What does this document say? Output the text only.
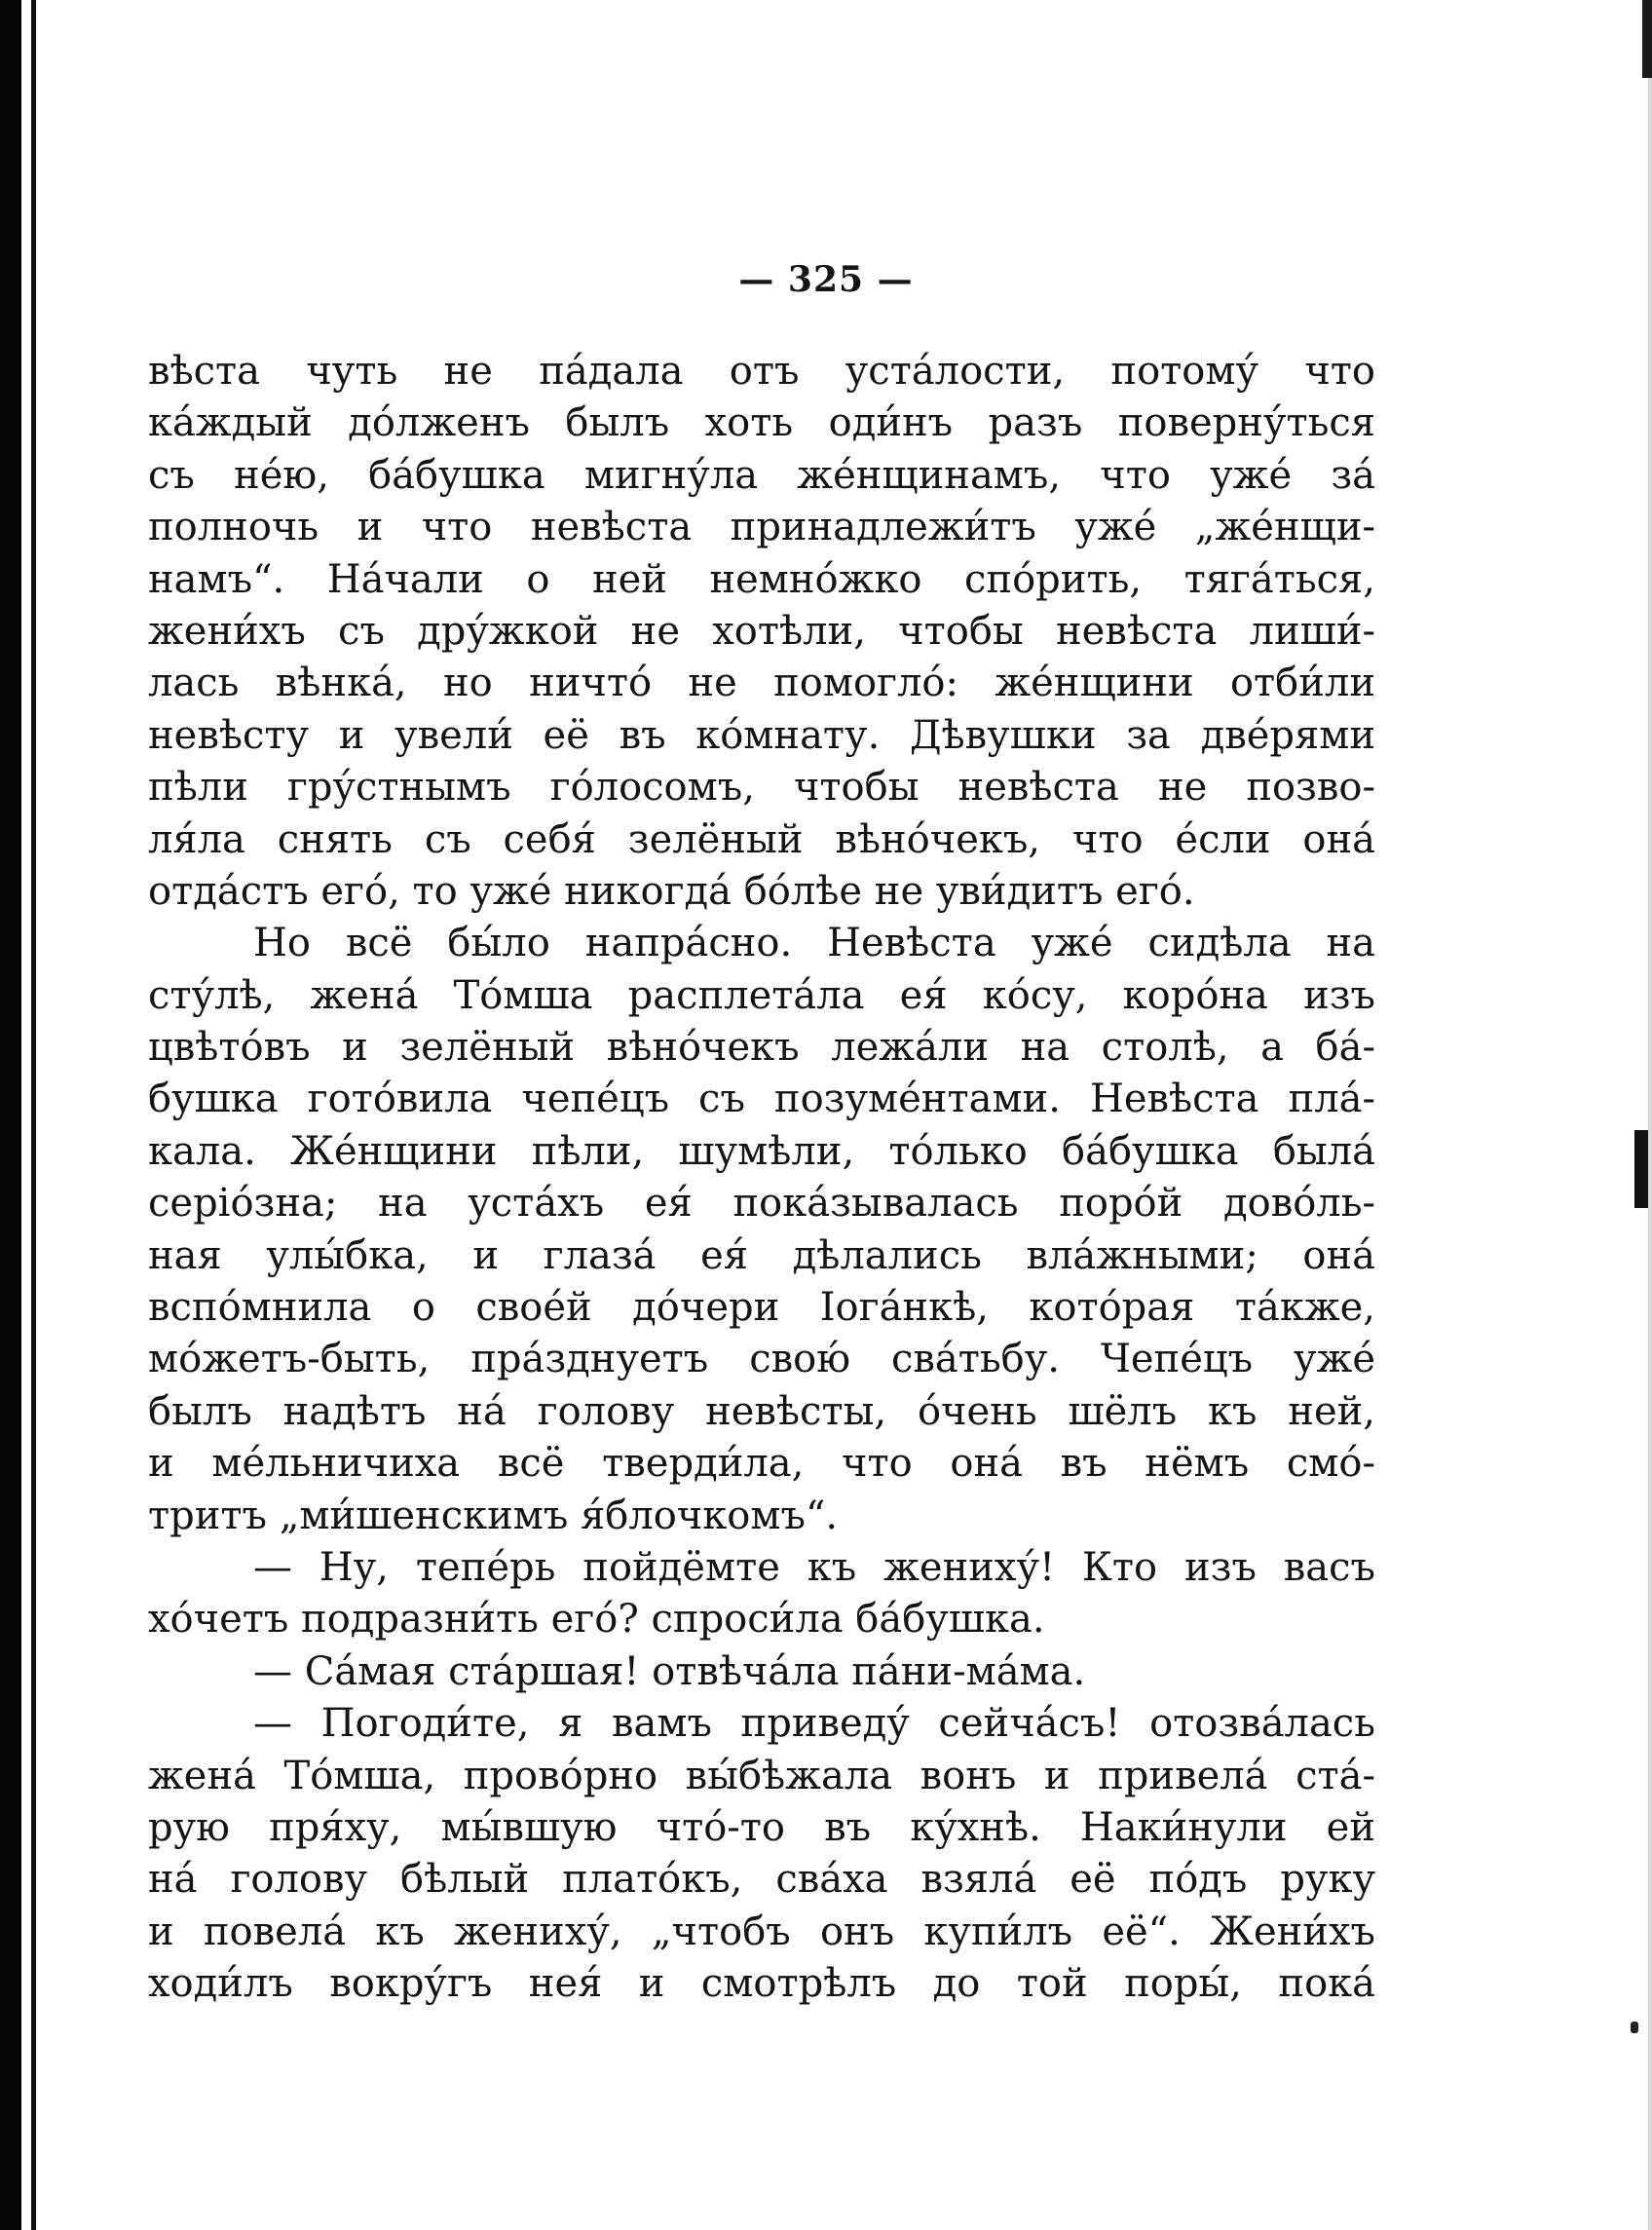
— 325 —
вѣста чуть не па́дала отъ уста́лости, потому́ что
ка́ждый до́лженъ былъ хоть оди́нъ разъ поверну́ться
съ не́ю, ба́бушка мигну́ла же́нщинамъ, что уже́ за́
полночь и что невѣста принадлежи́тъ уже́ „же́нщи-
намъ“. На́чали о ней немно́жко спо́рить, тяга́ться,
жени́хъ съ дру́жкой не хотѣли, чтобы невѣста лиши́-
лась вѣнка́, но ничто́ не помогло́: же́нщини отби́ли
невѣсту и увели́ её въ ко́мнату. Дѣвушки за две́рями
пѣли гру́стнымъ го́лосомъ, чтобы невѣста не позво-
ля́ла снять съ себя́ зелёный вѣно́чекъ, что е́сли она́
отда́стъ его́, то уже́ никогда́ бо́лѣе не уви́дитъ его́.
Но всё бы́ло напра́сно. Невѣста уже́ сидѣла на
сту́лѣ, жена́ То́мша расплета́ла ея́ ко́су, коро́на изъ
цвѣто́въ и зелёный вѣно́чекъ лежа́ли на столѣ, а ба́-
бушка гото́вила чепе́цъ съ позуме́нтами. Невѣста пла́-
кала. Же́нщини пѣли, шумѣли, то́лько ба́бушка была́
серіо́зна; на уста́хъ ея́ пока́зывалась поро́й дово́ль-
ная улы́бка, и глаза́ ея́ дѣлались вла́жными; она́
вспо́мнила о свое́й до́чери Іога́нкѣ, кото́рая та́кже,
мо́жетъ-быть, пра́зднуетъ свою́ сва́тьбу. Чепе́цъ уже́
былъ надѣтъ на́ голову невѣсты, о́чень шёлъ къ ней,
и ме́льничиха всё тверди́ла, что она́ въ нёмъ смо́-
тритъ „ми́шенскимъ я́блочкомъ“.
— Ну, тепе́рь пойдёмте къ жениху́! Кто изъ васъ
хо́четъ подразни́ть его́? спроси́ла ба́бушка.
— Са́мая ста́ршая! отвѣча́ла па́ни-ма́ма.
— Погоди́те, я вамъ приведу́ сейча́съ! отозва́лась
жена́ То́мша, прово́рно вы́бѣжала вонъ и привела́ ста́-
рую пря́ху, мы́вшую что́-то въ ку́хнѣ. Наки́нули ей
на́ голову бѣлый плато́къ, сва́ха взяла́ её по́дъ руку
и повела́ къ жениху́, „чтобъ онъ купи́лъ её“. Жени́хъ
ходи́лъ вокру́гъ нея́ и смотрѣлъ до той поры́, пока́
